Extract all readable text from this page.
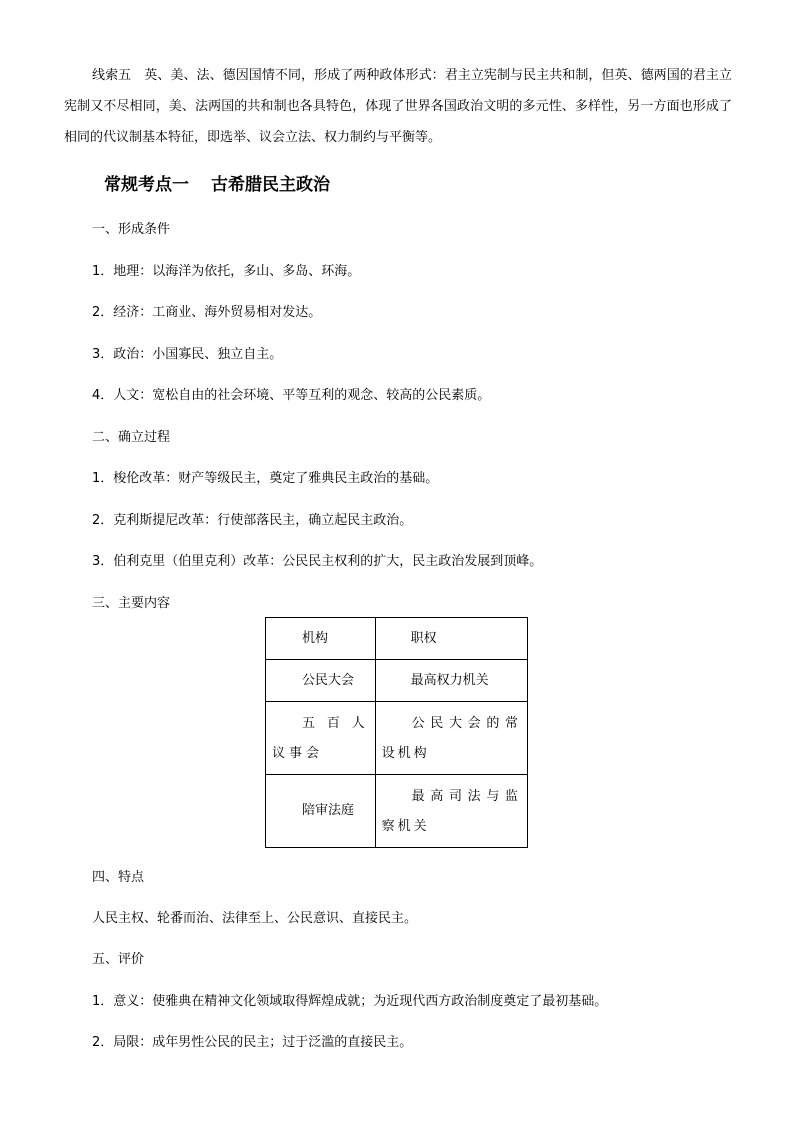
线索五　英、美、法、德因国情不同，形成了两种政体形式：君主立宪制与民主共和制，但英、德两国的君主立宪制又不尽相同，美、法两国的共和制也各具特色，体现了世界各国政治文明的多元性、多样性，另一方面也形成了相同的代议制基本特征，即选举、议会立法、权力制约与平衡等。

常规考点一 古希腊民主政治

一、形成条件

1．地理：以海洋为依托，多山、多岛、环海。

2．经济：工商业、海外贸易相对发达。

3．政治：小国寡民、独立自主。

4．人文：宽松自由的社会环境、平等互利的观念、较高的公民素质。

二、确立过程

1．梭伦改革：财产等级民主，奠定了雅典民主政治的基础。

2．克利斯提尼改革：行使部落民主，确立起民主政治。

3．伯利克里（伯里克利）改革：公民民主权利的扩大，民主政治发展到顶峰。

三、主要内容

机构	职权

公民大会	最高权力机关

五百人议事会	公民大会的常设机构

陪审法庭	最高司法与监察机关

四、特点

人民主权、轮番而治、法律至上、公民意识、直接民主。

五、评价

1．意义：使雅典在精神文化领域取得辉煌成就；为近现代西方政治制度奠定了最初基础。

2．局限：成年男性公民的民主；过于泛滥的直接民主。
